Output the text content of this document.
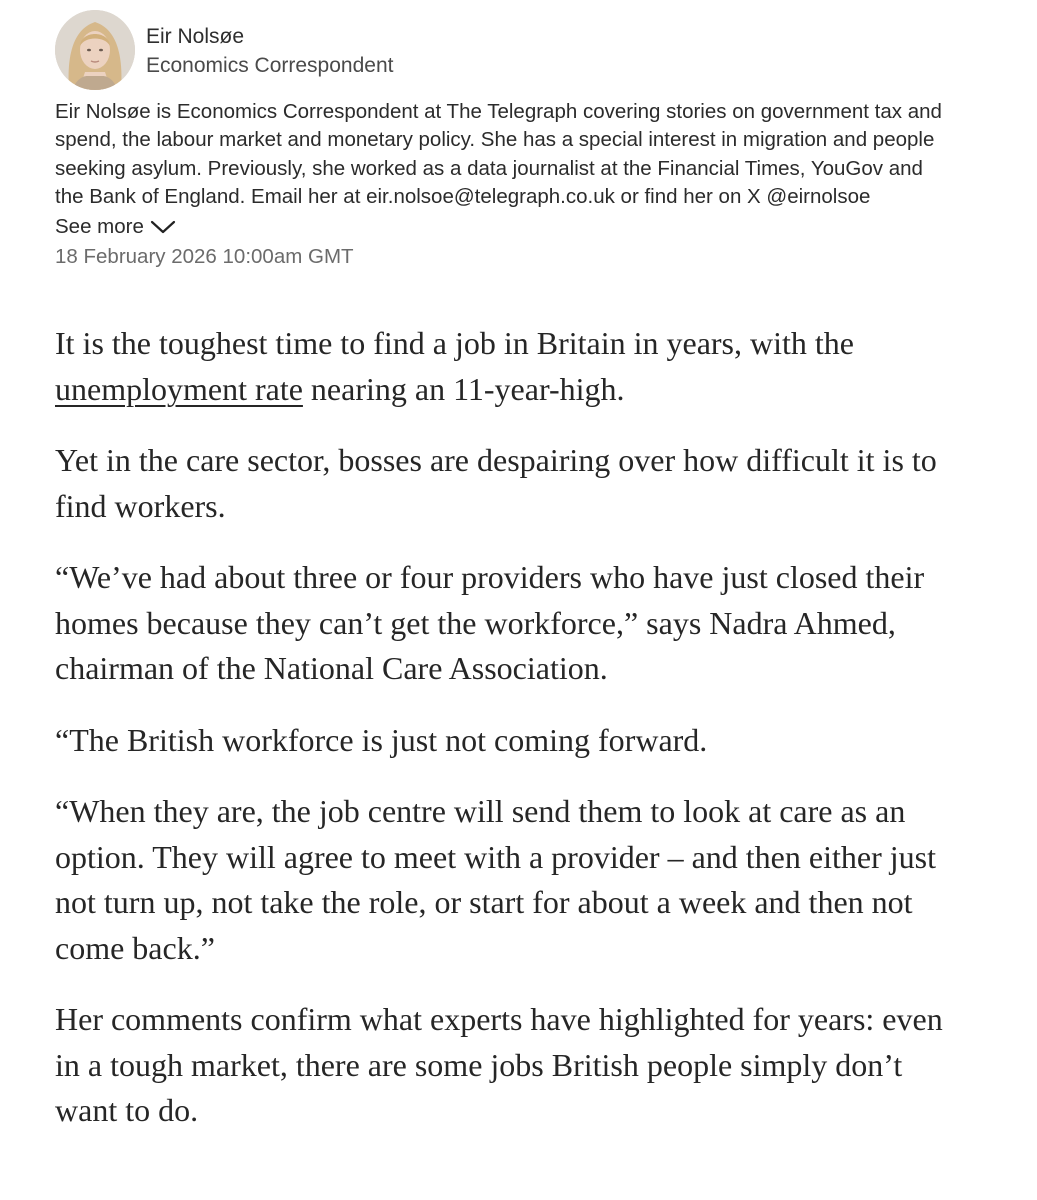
Eir Nolsøe
Economics Correspondent
Eir Nolsøe is Economics Correspondent at The Telegraph covering stories on government tax and spend, the labour market and monetary policy. She has a special interest in migration and people seeking asylum. Previously, she worked as a data journalist at the Financial Times, YouGov and the Bank of England. Email her at eir.nolsoe@telegraph.co.uk or find her on X @eirnolsoe
See more
18 February 2026 10:00am GMT

It is the toughest time to find a job in Britain in years, with the unemployment rate nearing an 11-year-high.

Yet in the care sector, bosses are despairing over how difficult it is to find workers.

“We’ve had about three or four providers who have just closed their homes because they can’t get the workforce,” says Nadra Ahmed, chairman of the National Care Association.

“The British workforce is just not coming forward.

“When they are, the job centre will send them to look at care as an option. They will agree to meet with a provider – and then either just not turn up, not take the role, or start for about a week and then not come back.”

Her comments confirm what experts have highlighted for years: even in a tough market, there are some jobs British people simply don’t want to do.
